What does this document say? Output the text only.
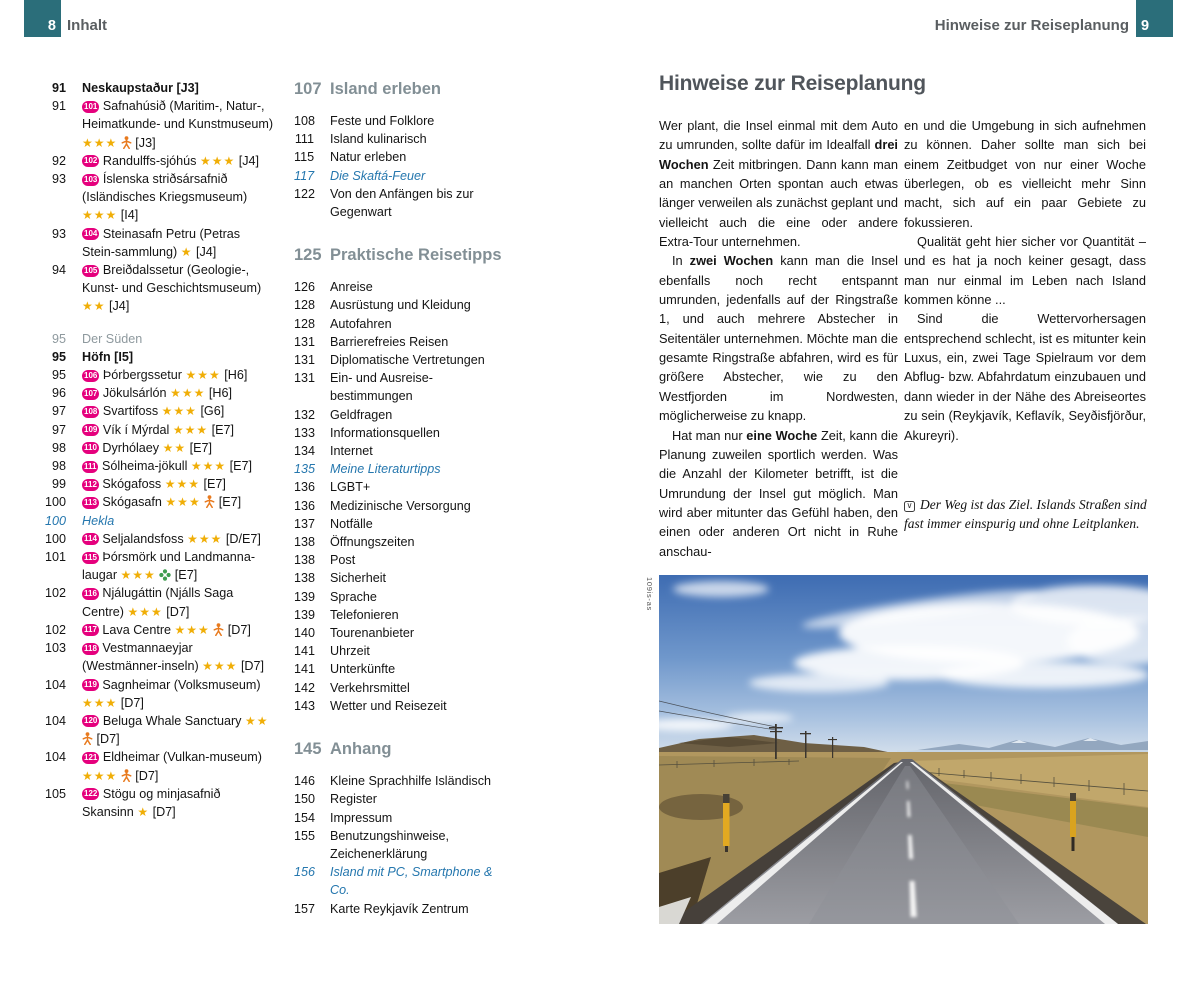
8 Inhalt	Hinweise zur Reiseplanung 9
91	Neskaupstaður [J3]
91	101 Safnahúsið (Maritim-, Natur-, Heimatkunde- und Kunstmuseum) ★★★ [J3]
92	102 Randulffs-sjóhús ★★★ [J4]
93	103 Íslenska striðsársafnið (Isländisches Kriegsmuseum) ★★★ [I4]
93	104 Steinasafn Petru (Petras Stein-sammlung) ★ [J4]
94	105 Breiðdalssetur (Geologie-, Kunst- und Geschichtsmuseum) ★★ [J4]
95	Der Süden
95	Höfn [I5]
95	106 Þórbergssetur ★★★ [H6]
96	107 Jökulsárlón ★★★ [H6]
97	108 Svartifoss ★★★ [G6]
97	109 Vík í Mýrdal ★★★ [E7]
98	110 Dyrhólaey ★★ [E7]
98	111 Sólheima-jökull ★★★ [E7]
99	112 Skógafoss ★★★ [E7]
100	113 Skógasafn ★★★ [E7]
100	Hekla
100	114 Seljalandsfoss ★★★ [D/E7]
101	115 Þórsmörk und Landmanna-laugar ★★★ [E7]
102	116 Njálugáttin (Njálls Saga Centre) ★★★ [D7]
102	117 Lava Centre ★★★ [D7]
103	118 Vestmannaeyjar (Westmänner-inseln) ★★★ [D7]
104	119 Sagnheimar (Volksmuseum) ★★★ [D7]
104	120 Beluga Whale Sanctuary ★★  [D7]
104	121 Eldheimar (Vulkan-museum) ★★★ [D7]
105	122 Stögu og minjasafnið Skansinn ★ [D7]
107 Island erleben
108	Feste und Folklore
111	Island kulinarisch
115	Natur erleben
117	Die Skaftá-Feuer
122	Von den Anfängen bis zur Gegenwart
125 Praktische Reisetipps
126	Anreise
128	Ausrüstung und Kleidung
128	Autofahren
131	Barrierefreies Reisen
131	Diplomatische Vertretungen
131	Ein- und Ausreise-bestimmungen
132	Geldfragen
133	Informationsquellen
134	Internet
135	Meine Literaturtipps
136	LGBT+
136	Medizinische Versorgung
137	Notfälle
138	Öffnungszeiten
138	Post
138	Sicherheit
139	Sprache
139	Telefonieren
140	Tourenanbieter
141	Uhrzeit
141	Unterkünfte
142	Verkehrsmittel
143	Wetter und Reisezeit
145 Anhang
146	Kleine Sprachhilfe Isländisch
150	Register
154	Impressum
155	Benutzungshinweise, Zeichenerklärung
156	Island mit PC, Smartphone & Co.
157	Karte Reykjavík Zentrum
Hinweise zur Reiseplanung

Wer plant, die Insel einmal mit dem Auto zu umrunden, sollte dafür im Idealfall drei Wochen Zeit mitbringen. Dann kann man an manchen Orten spontan auch etwas länger verweilen als zunächst geplant und vielleicht auch die eine oder andere Extra-Tour unternehmen.

In zwei Wochen kann man die Insel ebenfalls noch recht entspannt umrunden, jedenfalls auf der Ringstraße 1, und auch mehrere Abstecher in Seitentäler unternehmen. Möchte man die gesamte Ringstraße abfahren, wird es für größere Abstecher, wie zu den Westfjorden im Nordwesten, möglicherweise zu knapp.

Hat man nur eine Woche Zeit, kann die Planung zuweilen sportlich werden. Was die Anzahl der Kilometer betrifft, ist die Umrundung der Insel gut möglich. Man wird aber mitunter das Gefühl haben, den einen oder anderen Ort nicht in Ruhe anschau-

en und die Umgebung in sich aufnehmen zu können. Daher sollte man sich bei einem Zeitbudget von nur einer Woche überlegen, ob es vielleicht mehr Sinn macht, sich auf ein paar Gebiete zu fokussieren.

Qualität geht hier sicher vor Quantität – und es hat ja noch keiner gesagt, dass man nur einmal im Leben nach Island kommen könne ...

Sind die Wettervorhersagen entsprechend schlecht, ist es mitunter kein Luxus, ein, zwei Tage Spielraum vor dem Abflug- bzw. Abfahrdatum einzubauen und dann wieder in der Nähe des Abreiseortes zu sein (Reykjavík, Keflavík, Seyðisfjörður, Akureyri).

∨ Der Weg ist das Ziel. Islands Straßen sind fast immer einspurig und ohne Leitplanken.
109is-as
